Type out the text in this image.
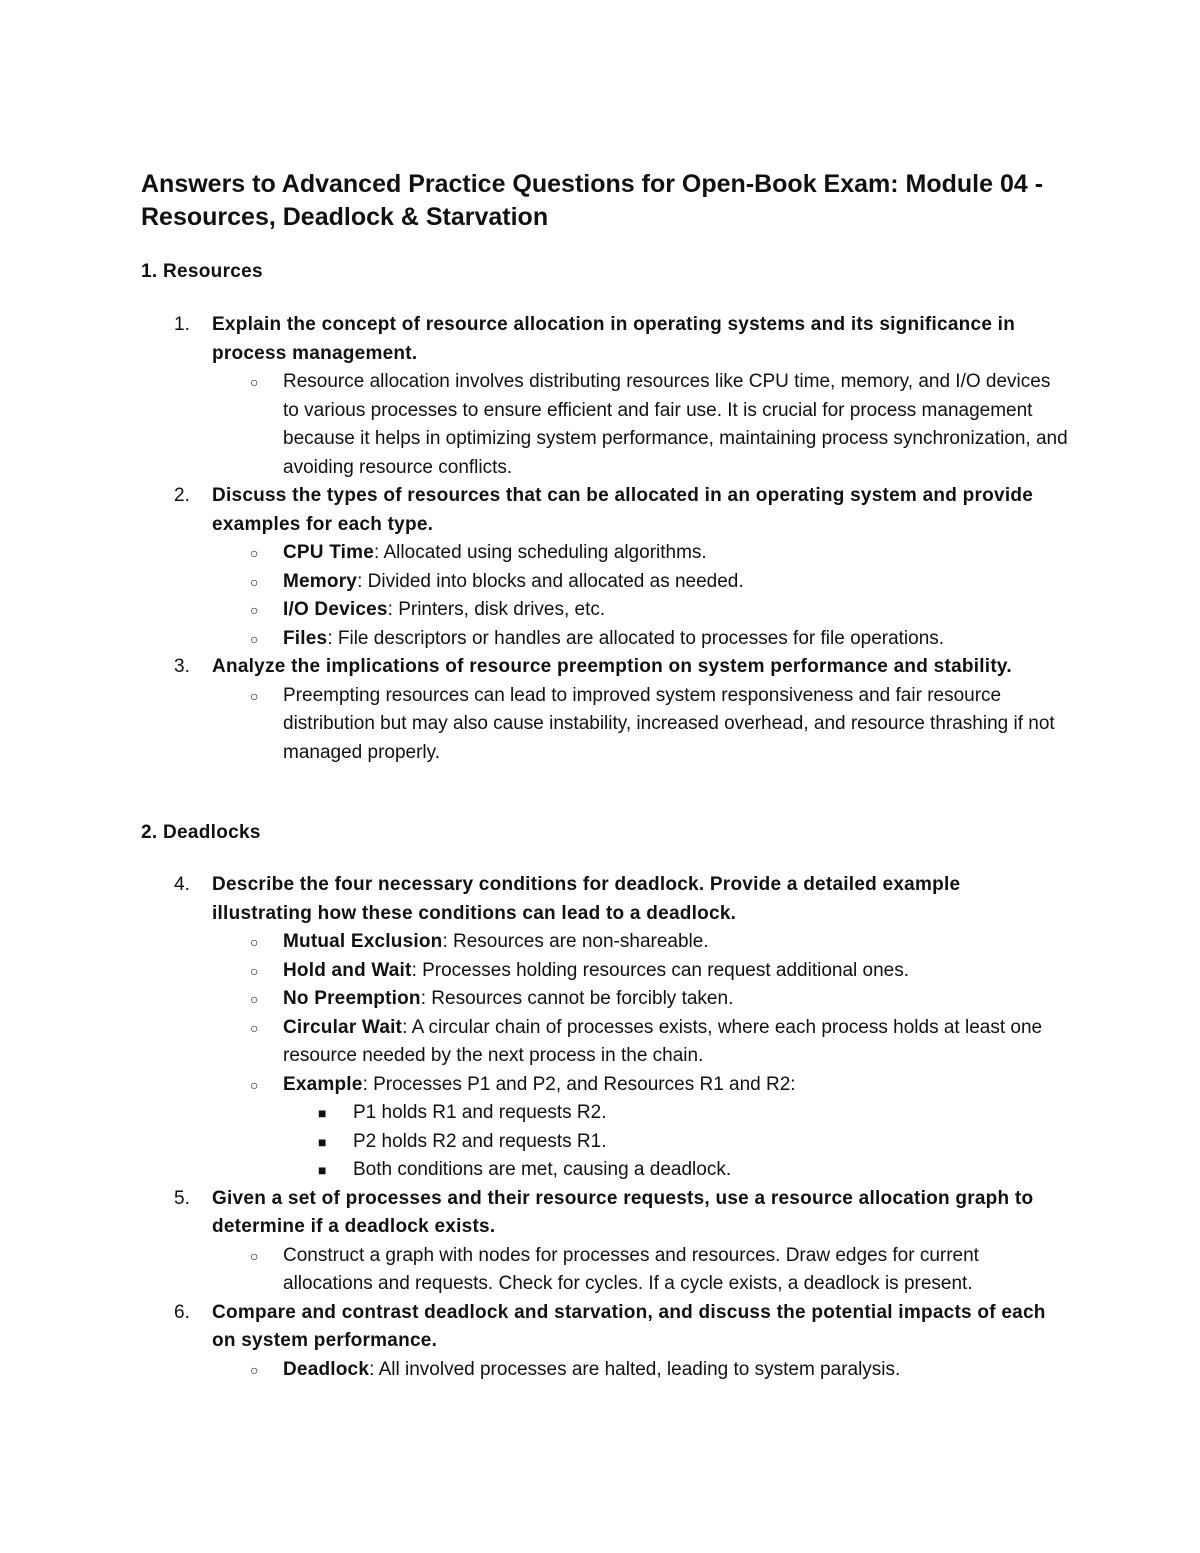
Answers to Advanced Practice Questions for Open-Book Exam: Module 04 - Resources, Deadlock & Starvation
1. Resources
1.	Explain the concept of resource allocation in operating systems and its significance in process management.
○ Resource allocation involves distributing resources like CPU time, memory, and I/O devices to various processes to ensure efficient and fair use. It is crucial for process management because it helps in optimizing system performance, maintaining process synchronization, and avoiding resource conflicts.
2.	Discuss the types of resources that can be allocated in an operating system and provide examples for each type.
○ CPU Time: Allocated using scheduling algorithms.
○ Memory: Divided into blocks and allocated as needed.
○ I/O Devices: Printers, disk drives, etc.
○ Files: File descriptors or handles are allocated to processes for file operations.
3.	Analyze the implications of resource preemption on system performance and stability.
○ Preempting resources can lead to improved system responsiveness and fair resource distribution but may also cause instability, increased overhead, and resource thrashing if not managed properly.
2. Deadlocks
4.	Describe the four necessary conditions for deadlock. Provide a detailed example illustrating how these conditions can lead to a deadlock.
○ Mutual Exclusion: Resources are non-shareable.
○ Hold and Wait: Processes holding resources can request additional ones.
○ No Preemption: Resources cannot be forcibly taken.
○ Circular Wait: A circular chain of processes exists, where each process holds at least one resource needed by the next process in the chain.
○ Example: Processes P1 and P2, and Resources R1 and R2:
■ P1 holds R1 and requests R2.
■ P2 holds R2 and requests R1.
■ Both conditions are met, causing a deadlock.
5.	Given a set of processes and their resource requests, use a resource allocation graph to determine if a deadlock exists.
○ Construct a graph with nodes for processes and resources. Draw edges for current allocations and requests. Check for cycles. If a cycle exists, a deadlock is present.
6.	Compare and contrast deadlock and starvation, and discuss the potential impacts of each on system performance.
○ Deadlock: All involved processes are halted, leading to system paralysis.
